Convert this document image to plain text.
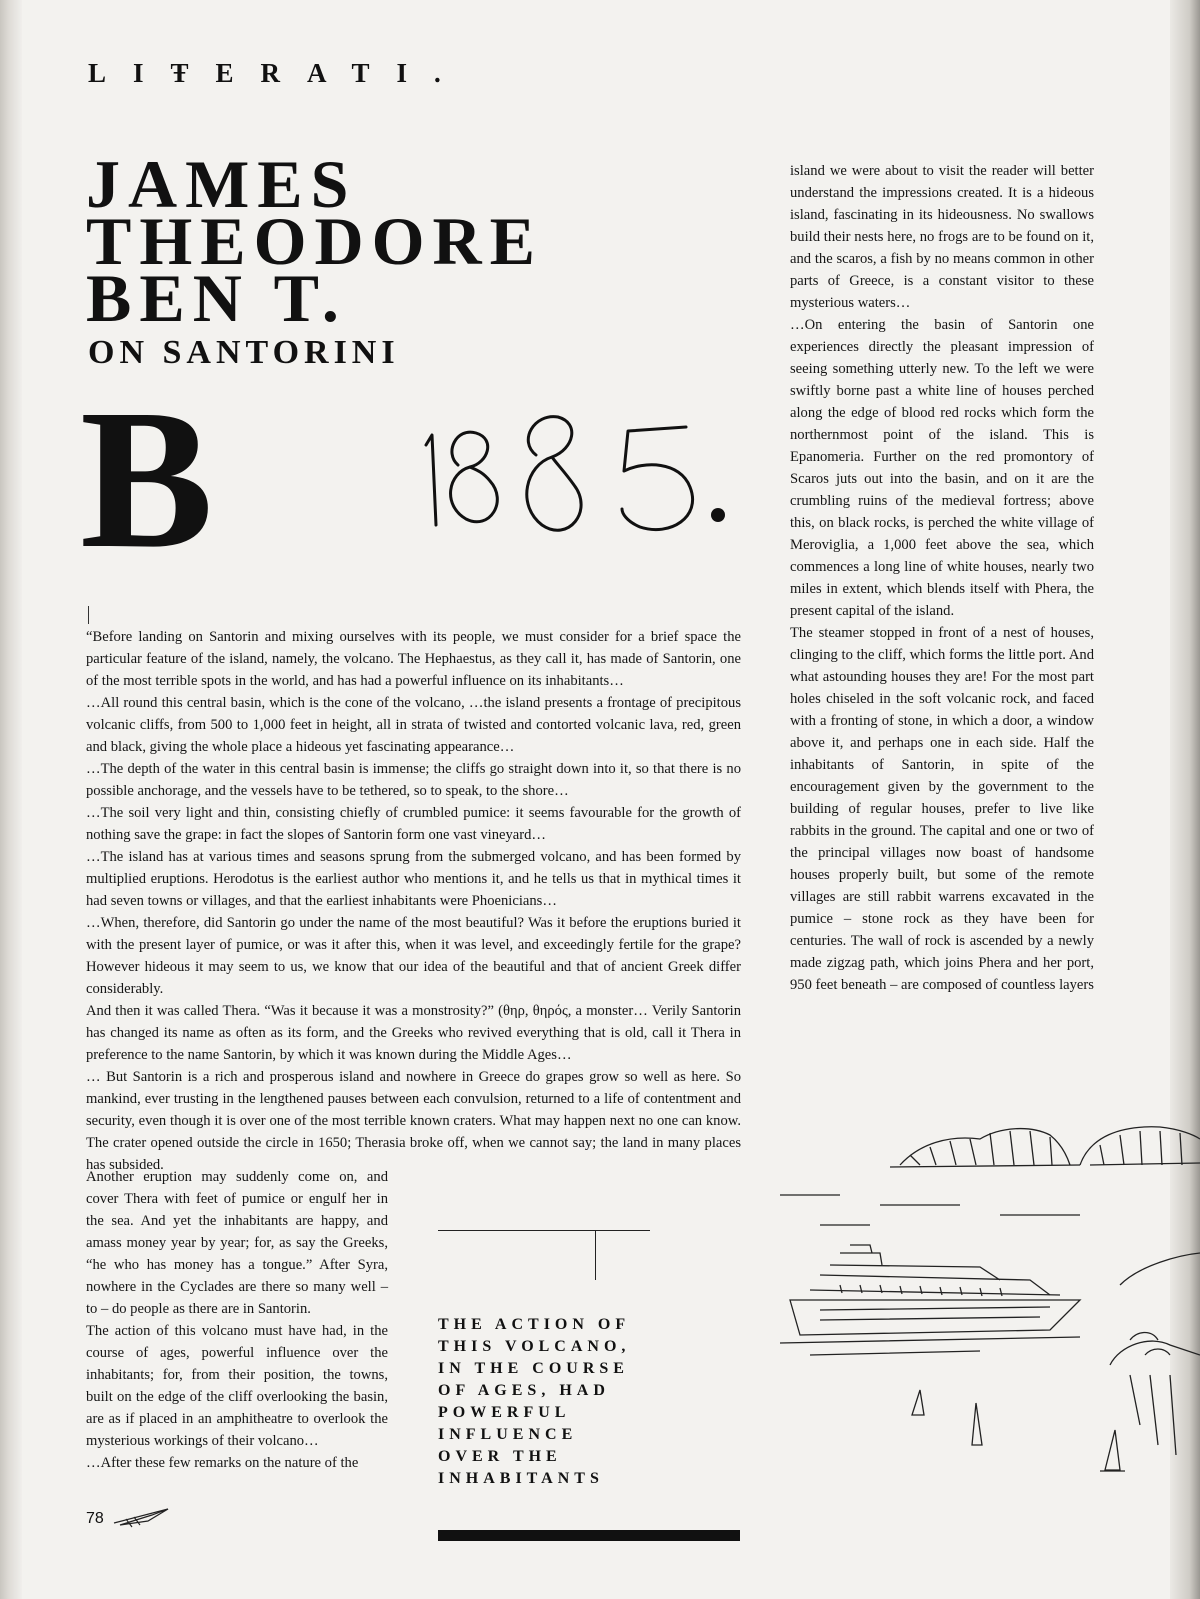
LIŦERATI.
JAMES
THEODORE
BEN T.
ON SANTORINI
B

“Before landing on Santorin and mixing ourselves with its people, we must consider for a brief space the particular feature of the island, namely, the volcano. The Hephaestus, as they call it, has made of Santorin, one of the most terrible spots in the world, and has had a powerful influence on its inhabitants…

…All round this central basin, which is the cone of the volcano, …the island presents a frontage of precipitous volcanic cliffs, from 500 to 1,000 feet in height, all in strata of twisted and contorted volcanic lava, red, green and black, giving the whole place a hideous yet fascinating appearance…

…The depth of the water in this central basin is immense; the cliffs go straight down into it, so that there is no possible anchorage, and the vessels have to be tethered, so to speak, to the shore…

…The soil very light and thin, consisting chiefly of crumbled pumice: it seems favourable for the growth of nothing save the grape: in fact the slopes of Santorin form one vast vineyard…

…The island has at various times and seasons sprung from the submerged volcano, and has been formed by multiplied eruptions. Herodotus is the earliest author who mentions it, and he tells us that in mythical times it had seven towns or villages, and that the earliest inhabitants were Phoenicians…

…When, therefore, did Santorin go under the name of the most beautiful? Was it before the eruptions buried it with the present layer of pumice, or was it after this, when it was level, and exceedingly fertile for the grape? However hideous it may seem to us, we know that our idea of the beautiful and that of ancient Greek differ considerably.

And then it was called Thera. “Was it because it was a monstrosity?” (θηρ, θηρός, a monster… Verily Santorin has changed its name as often as its form, and the Greeks who revived everything that is old, call it Thera in preference to the name Santorin, by which it was known during the Middle Ages…

… But Santorin is a rich and prosperous island and nowhere in Greece do grapes grow so well as here. So mankind, ever trusting in the lengthened pauses between each convulsion, returned to a life of contentment and security, even though it is over one of the most terrible known craters. What may happen next no one can know. The crater opened outside the circle in 1650; Therasia broke off, when we cannot say; the land in many places has subsided.

Another eruption may suddenly come on, and cover Thera with feet of pumice or engulf her in the sea. And yet the inhabitants are happy, and amass money year by year; for, as say the Greeks, “he who has money has a tongue.” After Syra, nowhere in the Cyclades are there so many well – to – do people as there are in Santorin.

The action of this volcano must have had, in the course of ages, powerful influence over the inhabitants; for, from their position, the towns, built on the edge of the cliff overlooking the basin, are as if placed in an amphitheatre to overlook the mysterious workings of their volcano…

…After these few remarks on the nature of the

island we were about to visit the reader will better understand the impressions created. It is a hideous island, fascinating in its hideousness. No swallows build their nests here, no frogs are to be found on it, and the scaros, a fish by no means common in other parts of Greece, is a constant visitor to these mysterious waters…

…On entering the basin of Santorin one experiences directly the pleasant impression of seeing something utterly new. To the left we were swiftly borne past a white line of houses perched along the edge of blood red rocks which form the northernmost point of the island. This is Epanomeria. Further on the red promontory of Scaros juts out into the basin, and on it are the crumbling ruins of the medieval fortress; above this, on black rocks, is perched the white village of Meroviglia, a 1,000 feet above the sea, which commences a long line of white houses, nearly two miles in extent, which blends itself with Phera, the present capital of the island.

The steamer stopped in front of a nest of houses, clinging to the cliff, which forms the little port. And what astounding houses they are! For the most part holes chiseled in the soft volcanic rock, and faced with a fronting of stone, in which a door, a window above it, and perhaps one in each side. Half the inhabitants of Santorin, in spite of the encouragement given by the government to the building of regular houses, prefer to live like rabbits in the ground. The capital and one or two of the principal villages now boast of handsome houses properly built, but some of the remote villages are still rabbit warrens excavated in the pumice – stone rock as they have been for centuries. The wall of rock is ascended by a newly made zigzag path, which joins Phera and her port, 950 feet beneath – are composed of countless layers

THE ACTION OF
THIS VOLCANO,
IN THE COURSE
OF AGES, HAD
POWERFUL
INFLUENCE
OVER THE
INHABITANTS
78
